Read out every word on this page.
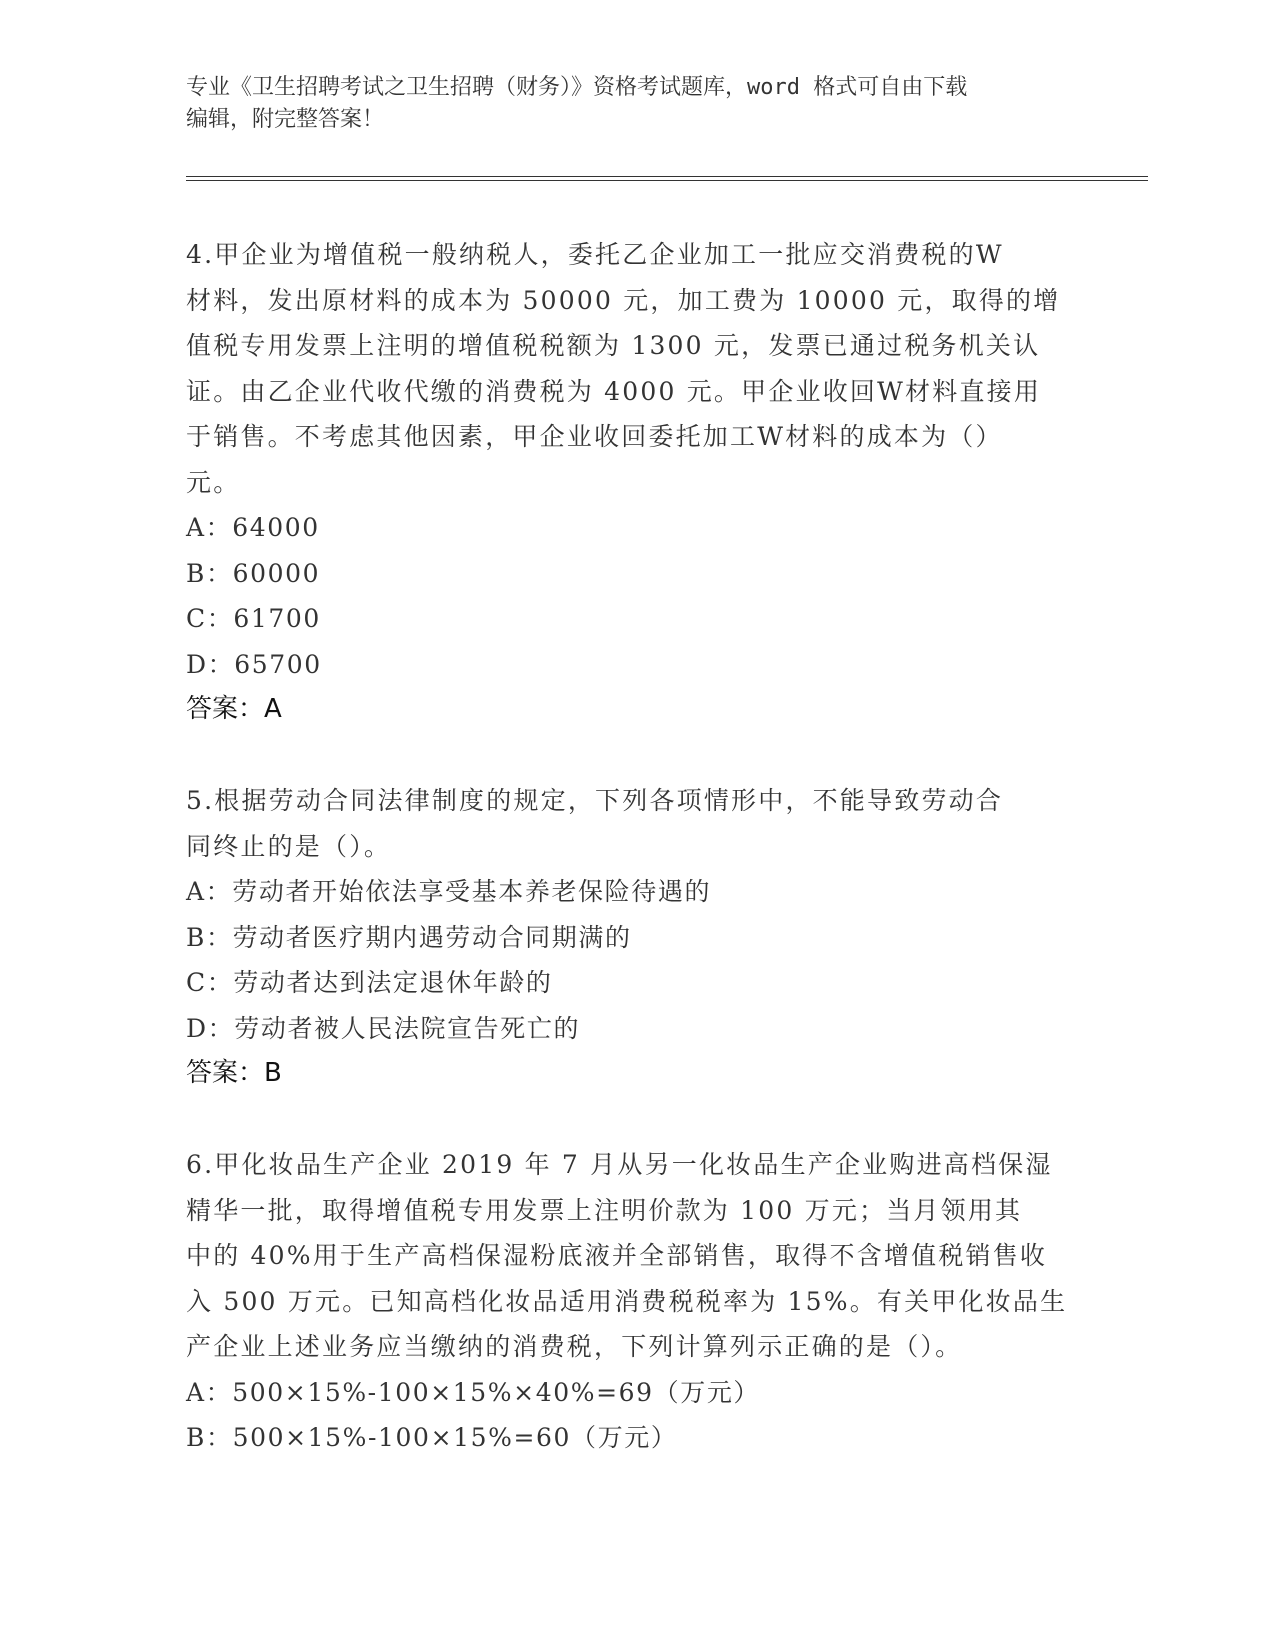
专业《卫生招聘考试之卫生招聘（财务）》资格考试题库，word 格式可自由下载
编辑，附完整答案！
4.甲企业为增值税一般纳税人，委托乙企业加工一批应交消费税的W
材料，发出原材料的成本为 50000 元，加工费为 10000 元，取得的增
值税专用发票上注明的增值税税额为 1300 元，发票已通过税务机关认
证。由乙企业代收代缴的消费税为 4000 元。甲企业收回W材料直接用
于销售。不考虑其他因素，甲企业收回委托加工W材料的成本为（）
元。
A：64000
B：60000
C：61700
D：65700
答案：A
5.根据劳动合同法律制度的规定，下列各项情形中，不能导致劳动合
同终止的是（）。
A：劳动者开始依法享受基本养老保险待遇的
B：劳动者医疗期内遇劳动合同期满的
C：劳动者达到法定退休年龄的
D：劳动者被人民法院宣告死亡的
答案：B
6.甲化妆品生产企业 2019 年 7 月从另一化妆品生产企业购进高档保湿
精华一批，取得增值税专用发票上注明价款为 100 万元；当月领用其
中的 40%用于生产高档保湿粉底液并全部销售，取得不含增值税销售收
入 500 万元。已知高档化妆品适用消费税税率为 15%。有关甲化妆品生
产企业上述业务应当缴纳的消费税，下列计算列示正确的是（）。
A：500×15%-100×15%×40%=69（万元）
B：500×15%-100×15%=60（万元）
